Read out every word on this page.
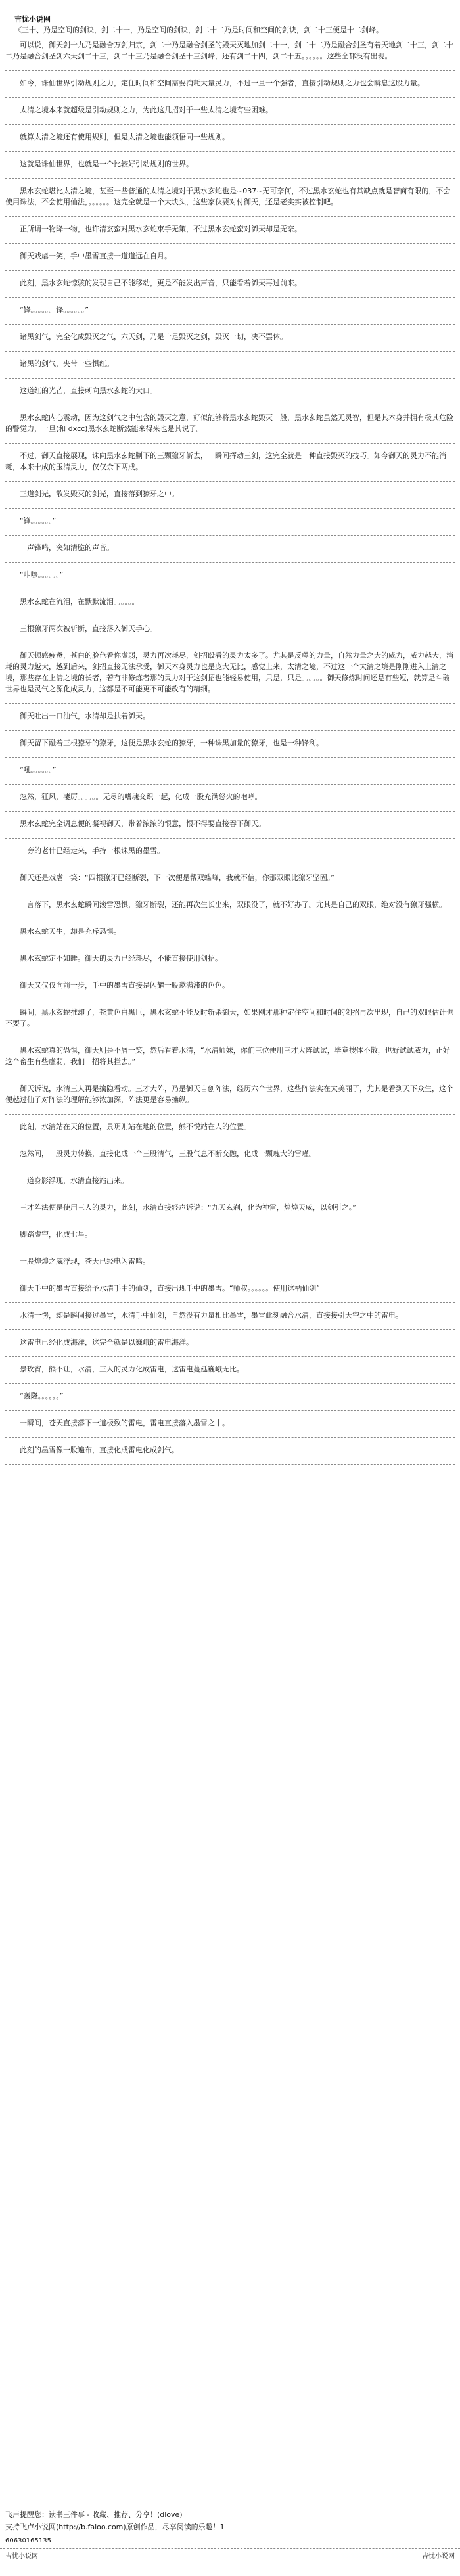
吉忧小说网
《三十、乃是空间的剑诀，剑二十一，乃是空间的剑诀，剑二十二乃是时间和空间的剑诀，剑二十三便是十二剑峰。

可以说，御天剑十九乃是融合万剑归宗，剑二十乃是融合剑圣的毁天灭地加剑二十一，剑二十二乃是融合剑圣有着天地剑二十三，剑二十二乃是融合剑圣剑六天剑二十三，剑二十三乃是融合剑圣十三剑峰，还有剑二十四，剑二十五。。。。。。这些全都没有出现。

如今，诛仙世界引动规则之力，定住时间和空间需要消耗大量灵力，不过一旦一个强者，直接引动规则之力也会瞬息这股力量。

太清之境本来就超级是引动规则之力，为此这几招对于一些太清之境有些困难。

就算太清之境还有使用规则，但是太清之境也能领悟同一些规则。

这就是诛仙世界，也就是一个比较好引动规则的世界。

黑水玄蛇堪比太清之境，甚至一些普通的太清之境对于黑水玄蛇也是~037~无可奈何，不过黑水玄蛇也有其缺点就是智商有限的，不会使用诛法，不会使用仙法，。。。。。。这完全就是一个大块头，这些家伙要对付御天，还是老实实被控制吧。

正所谓一物降一物，也许清玄蛮对黑水玄蛇束手无策，不过黑水玄蛇蛮对御天却是无奈。

御天戏虐一笑，手中墨雪直接一道道远在自月。

此刻，黑水玄蛇惊骇的发现自己不能移动，更是不能发出声音，只能看着御天再过前来。

“锋。。。。。。锋。。。。。。”

诸黑剑气，完全化成毁灭之气，六天剑，乃是十足毁灭之剑，毁灭一切，决不罢休。

诸黑的剑气，夹带一些惧红。

这道红的光芒，直接刺向黑水玄蛇的大口。

黑水玄蛇内心震动，因为这剑气之中包含的毁灭之意，好似能够将黑水玄蛇毁灭一般，黑水玄蛇虽然无灵智，但是其本身并拥有极其危险的警觉力，一旦(和 dxcc)黑水玄蛇断然能来得来也是其说了。

不过，御天直接展现，诛向黑水玄蛇剿下的三颗獠牙斩去，一瞬间挥动三剑，这完全就是一种直接毁灭的技巧。如今御天的灵力不能消耗，本来十成的玉清灵力，仅仅余下两成。

三道剑光，散发毁灭的剑光，直接落到獠牙之中。

“锋。。。。。。”

一声锋鸣，突如清脆的声音。

“咔嚓。。。。。。”

黑水玄蛇在流泪，在默默流泪。。。。。。

三根獠牙两次被斩断，直接落入御天手心。

御天顿感疲惫，苍白的脸色看你虚弱，灵力再次耗尽，剑招殴看的灵力太多了。尤其是反噬的力量，自然力量之大的威力，威力越大，消耗的灵力越大，越到后来，剑招直接无法承受，御天本身灵力也是庞大无比，感觉上来，太清之境，不过这一个太清之境是刚刚进入上清之境，那些存在上清之境的长者，若有非修炼者那的灵力对于这剑招也能轻易使用，只是，只是。。。。。。御天修炼时间还是有些短，就算是斗破世界也是灵气之源化成灵力，这都是不可能更不可能改有的精细。

御天吐出一口油气，水清却是扶着御天。

御天留下融着三根獠牙的獠牙，这便是黑水玄蛇的獠牙，一种诛黑加量的獠牙，也是一种锋利。

“吼。。。。。。”

忽然，狂风，凄厉。。。。。。无尽的嗜魂交织一起，化成一股充满怒火的咆哮。

黑水玄蛇完全调息便的凝视御天，带着浓浓的恨意，恨不得要直接吞下御天。

一旁的老什已经走来，手持一根诛黑的墨雪。

御天还是戏虐一笑：“四根獠牙已经断裂，下一次便是帮双蝶峰，我就不信，你那双眼比獠牙坚固。”

一言落下，黑水玄蛇瞬间滚雪恐惧，獠牙断裂，还能再次生长出来，双眼没了，就不好办了。尤其是自己的双眼，绝对没有獠牙强横。

黑水玄蛇天生，却是充斥恐惧。

黑水玄蛇定不如睡。御天的灵力已经耗尽，不能直接使用剑招。

御天又仅仅向前一步，手中的墨雪直接是闪耀一股邀满滞的色色。

瞬间，黑水玄蛇推却了，苍黄色白黑巨，黑水玄蛇不能及时斩杀御天，如果刚才那种定住空间和时间的剑招再次出现，自己的双眼估计也不要了。

黑水玄蛇真的恐惧，御天则是不屑一笑，然后看着水清，“水清师妹，你们三位便用三才大阵试试，毕竟搜体不散，也好试试威力，正好这个畜生有些虚弱，我们一招将其拦去。”

御天诉说，水清三人再是擒隐看动。三才大阵，乃是御天自创阵法，经历六个世界，这些阵法实在太美丽了，尤其是看到天下众生，这个便越过仙子对阵法的理解能够浓加深，阵法更是容易操纵。

此刻，水清站在天的位置，景玥则站在地的位置，熊不悦站在人的位置。

忽然间，一股灵力转换，直接化成一个三股清气，三股气息不断交融，化成一颗瑰大的雷瑾。

一道身影浮现，水清直接站出来。

三才阵法便是使用三人的灵力，此刻，水清直接轻声诉说：“九天玄刹，化为神雷，煌煌天威，以剑引之。”

脚踏虚空，化成七星。

一股煌煌之威浮现，苍天已经电闪雷鸣。

御天手中的墨雪直接给予水清手中的仙剑，直接出现手中的墨雪。“师叔。。。。。。使用这柄仙剑”

水清一愣，却是瞬间接过墨雪，水清手中仙剑，自然没有力量相比墨雪，墨雪此刻融合水清，直接接引天空之中的雷电。

这雷电已经化成海洋，这完全就是以巍峨的雷电海洋。

景玫宵，熊不让，水清，三人的灵力化成雷电，这雷电蔓延巍峨无比。

“轰隆。。。。。。”

一瞬间，苍天直接落下一道极致的雷电，雷电直接落入墨雪之中。

此刻的墨雪像一股遍布，直接化成雷电化成剑气。

飞卢提醒您：读书三件事 - 收藏、推荐、分享！(dlove)
支持飞卢小说网(http://b.faloo.com)原创作品，尽享阅读的乐趣！1
60630165135
吉忧小说网	吉忧小说网
